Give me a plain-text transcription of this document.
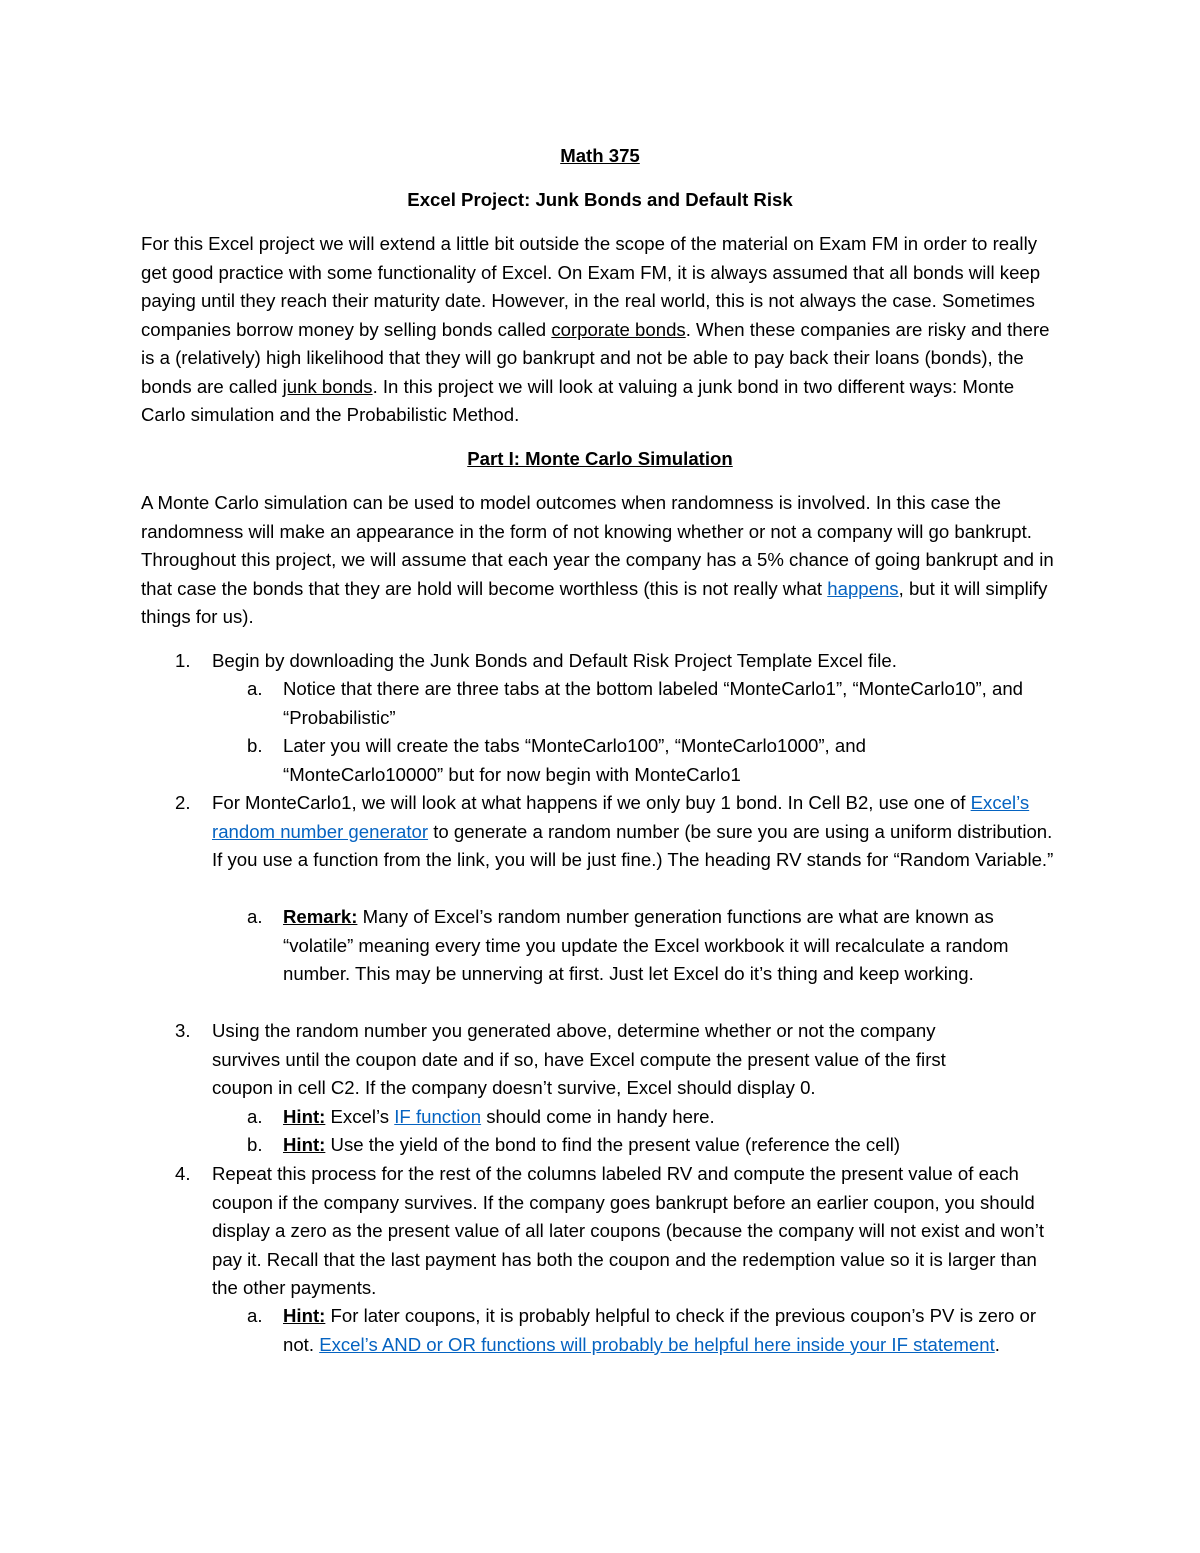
Math 375
Excel Project: Junk Bonds and Default Risk

For this Excel project we will extend a little bit outside the scope of the material on Exam FM in order to really get good practice with some functionality of Excel. On Exam FM, it is always assumed that all bonds will keep paying until they reach their maturity date. However, in the real world, this is not always the case. Sometimes companies borrow money by selling bonds called corporate bonds. When these companies are risky and there is a (relatively) high likelihood that they will go bankrupt and not be able to pay back their loans (bonds), the bonds are called junk bonds. In this project we will look at valuing a junk bond in two different ways: Monte Carlo simulation and the Probabilistic Method.

Part I: Monte Carlo Simulation

A Monte Carlo simulation can be used to model outcomes when randomness is involved. In this case the randomness will make an appearance in the form of not knowing whether or not a company will go bankrupt. Throughout this project, we will assume that each year the company has a 5% chance of going bankrupt and in that case the bonds that they are hold will become worthless (this is not really what happens, but it will simplify things for us).

1. Begin by downloading the Junk Bonds and Default Risk Project Template Excel file.

a. Notice that there are three tabs at the bottom labeled “MonteCarlo1”, “MonteCarlo10”, and “Probabilistic”

b. Later you will create the tabs “MonteCarlo100”, “MonteCarlo1000”, and “MonteCarlo10000” but for now begin with MonteCarlo1

2. For MonteCarlo1, we will look at what happens if we only buy 1 bond. In Cell B2, use one of Excel’s random number generator to generate a random number (be sure you are using a uniform distribution. If you use a function from the link, you will be just fine.) The heading RV stands for “Random Variable.”

a. Remark: Many of Excel’s random number generation functions are what are known as “volatile” meaning every time you update the Excel workbook it will recalculate a random number. This may be unnerving at first. Just let Excel do it’s thing and keep working.

3. Using the random number you generated above, determine whether or not the company survives until the coupon date and if so, have Excel compute the present value of the first coupon in cell C2. If the company doesn’t survive, Excel should display 0.

a. Hint: Excel’s IF function should come in handy here.

b. Hint: Use the yield of the bond to find the present value (reference the cell)

4. Repeat this process for the rest of the columns labeled RV and compute the present value of each coupon if the company survives. If the company goes bankrupt before an earlier coupon, you should display a zero as the present value of all later coupons (because the company will not exist and won’t pay it. Recall that the last payment has both the coupon and the redemption value so it is larger than the other payments.

a. Hint: For later coupons, it is probably helpful to check if the previous coupon’s PV is zero or not. Excel’s AND or OR functions will probably be helpful here inside your IF statement.
